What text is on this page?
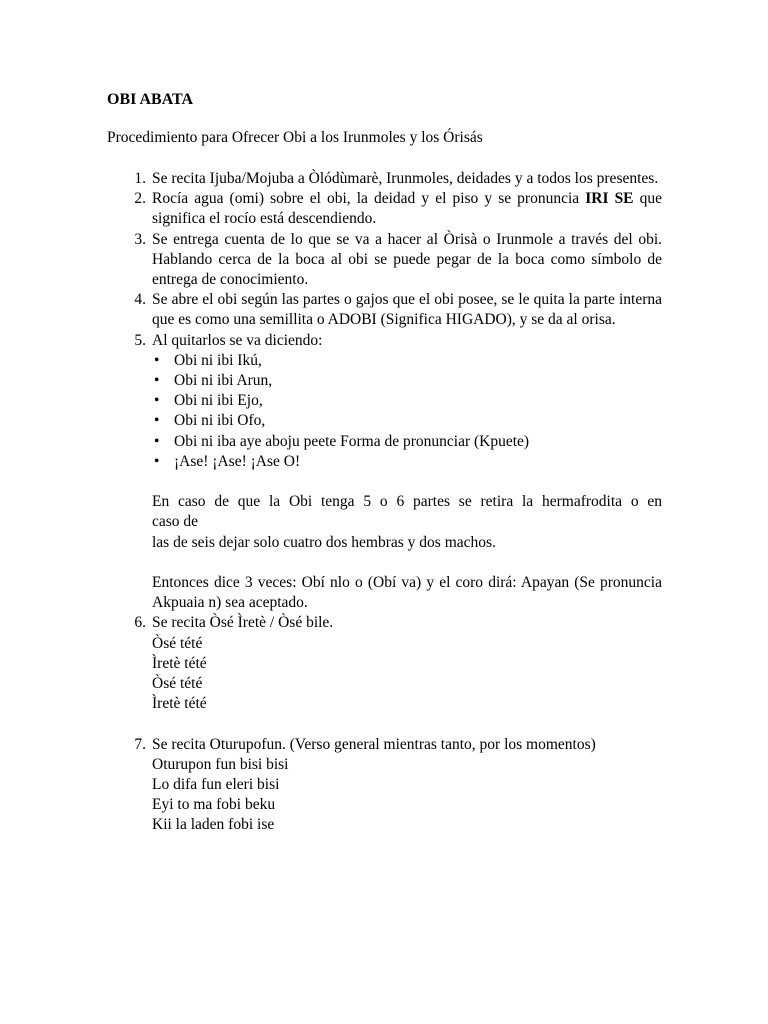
OBI ABATA
Procedimiento para Ofrecer Obi a los Irunmoles y los Órisás
1. Se recita Ijuba/Mojuba a Òlódùmarè, Irunmoles, deidades y a todos los presentes.
2. Rocía agua (omi) sobre el obi, la deidad y el piso y se pronuncia IRI SE que significa el rocío está descendiendo.
3. Se entrega cuenta de lo que se va a hacer al Òrisà o Irunmole a través del obi. Hablando cerca de la boca al obi se puede pegar de la boca como símbolo de entrega de conocimiento.
4. Se abre el obi según las partes o gajos que el obi posee, se le quita la parte interna que es como una semillita o ADOBI (Significa HIGADO), y se da al orisa.
5. Al quitarlos se va diciendo:
• Obi ni ibi Ikú,
• Obi ni ibi Arun,
• Obi ni ibi Ejo,
• Obi ni ibi Ofo,
• Obi ni iba aye aboju peete Forma de pronunciar (Kpuete)
• ¡Ase! ¡Ase! ¡Ase O!
En caso de que la Obi tenga 5 o 6 partes se retira la hermafrodita o en
caso de
las de seis dejar solo cuatro dos hembras y dos machos.
Entonces dice 3 veces: Obí nlo o (Obí va) y el coro dirá: Apayan (Se pronuncia Akpuaia n) sea aceptado.
6. Se recita Òsé Ìretè / Òsé bile.
Òsé tété
Ìretè tété
Òsé tété
Ìretè tété
7. Se recita Oturupofun. (Verso general mientras tanto, por los momentos)
Oturupon fun bisi bisi
Lo difa fun eleri bisi
Eyi to ma fobi beku
Kii la laden fobi ise
